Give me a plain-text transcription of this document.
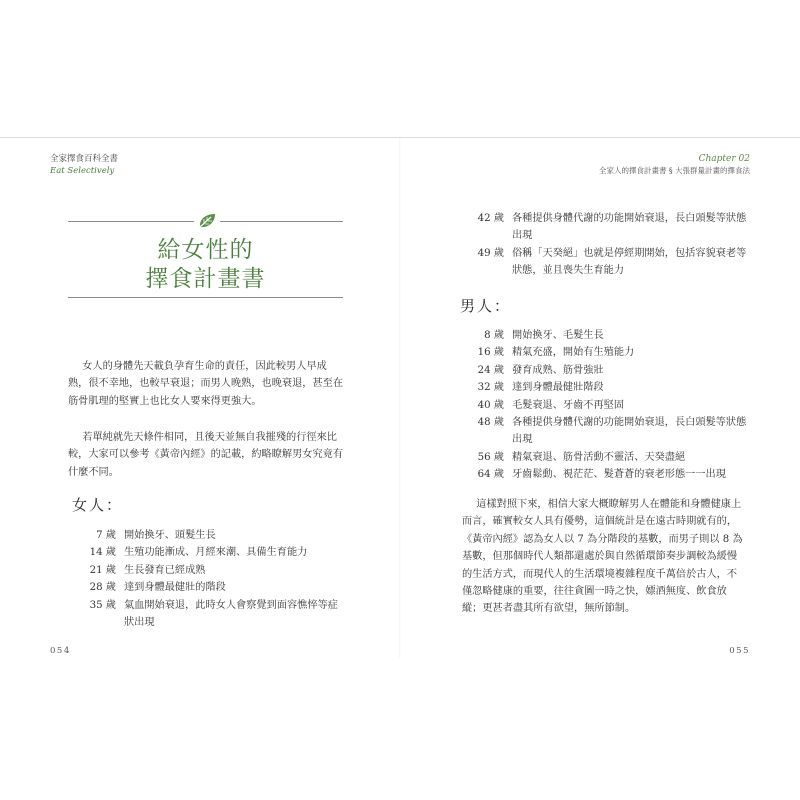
全家擇食百科全書
Eat Selectively
給女性的
擇食計畫書

女人的身體先天載負孕育生命的責任，因此較男人早成熟，很不幸地，也較早衰退；而男人晚熟，也晚衰退，甚至在筋骨肌理的堅實上也比女人要來得更強大。

若單純就先天條件相同，且後天並無自我摧殘的行徑來比較，大家可以參考《黃帝內經》的記載，約略瞭解男女究竟有什麼不同。

女人：
7 歲 開始換牙、頭髮生長
14 歲 生殖功能漸成、月經來潮、具備生育能力
21 歲 生長發育已經成熟
28 歲 達到身體最健壯的階段
35 歲 氣血開始衰退，此時女人會察覺到面容憔悴等症狀出現
054
Chapter 02
全家人的擇食計畫書 § 大張群量計畫的擇食法
42 歲 各種提供身體代謝的功能開始衰退，長白頭髮等狀態出現
49 歲 俗稱「天癸絕」也就是停經期開始，包括容貌衰老等狀態，並且喪失生育能力
男人：
8 歲 開始換牙、毛髮生長
16 歲 精氣充盛，開始有生殖能力
24 歲 發育成熟、筋骨強壯
32 歲 達到身體最健壯階段
40 歲 毛髮衰退、牙齒不再堅固
48 歲 各種提供身體代謝的功能開始衰退，長白頭髮等狀態出現
56 歲 精氣衰退、筋骨活動不靈活、天癸盡絕
64 歲 牙齒鬆動、視茫茫、髮蒼蒼的衰老形態一一出現

這樣對照下來，相信大家大概瞭解男人在體能和身體健康上而言，確實較女人具有優勢，這個統計是在遠古時期就有的，《黃帝內經》認為女人以 7 為分階段的基數，而男子則以 8 為基數，但那個時代人類都還處於與自然循環節奏步調較為緩慢的生活方式，而現代人的生活環境複雜程度千萬倍於古人，不僅忽略健康的重要，往往貪圖一時之快，嫖酒無度、飲食放縱；更甚者盡其所有欲望，無所節制。

055
